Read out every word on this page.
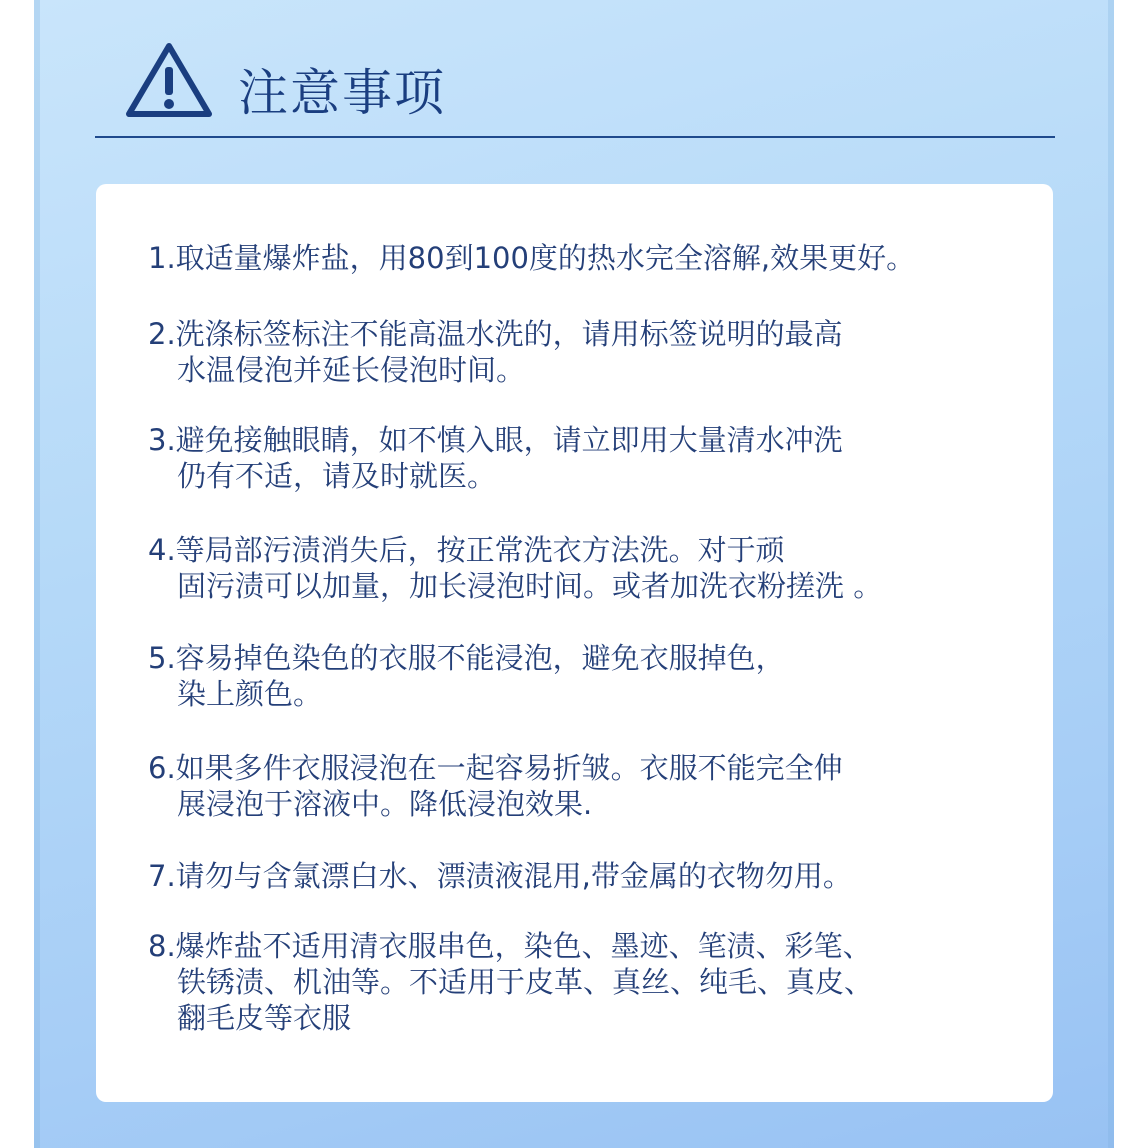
注意事项
1.取适量爆炸盐，用80到100度的热水完全溶解,效果更好。
2.洗涤标签标注不能高温水洗的，请用标签说明的最高
水温侵泡并延长侵泡时间。
3.避免接触眼睛，如不慎入眼，请立即用大量清水冲洗
仍有不适，请及时就医。
4.等局部污渍消失后，按正常洗衣方法洗。对于顽
固污渍可以加量，加长浸泡时间。或者加洗衣粉搓洗 。
5.容易掉色染色的衣服不能浸泡，避免衣服掉色，
染上颜色。
6.如果多件衣服浸泡在一起容易折皱。衣服不能完全伸
展浸泡于溶液中。降低浸泡效果.
7.请勿与含氯漂白水、漂渍液混用,带金属的衣物勿用。
8.爆炸盐不适用清衣服串色，染色、墨迹、笔渍、彩笔、
铁锈渍、机油等。不适用于皮革、真丝、纯毛、真皮、
翻毛皮等衣服
